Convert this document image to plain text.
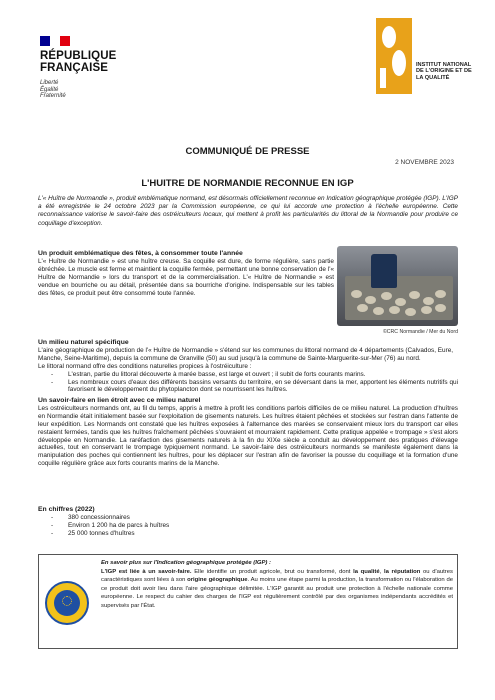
RÉPUBLIQUE
FRANÇAISE
Liberté
Égalité
Fraternité
INSTITUT NATIONAL
DE L'ORIGINE ET DE
LA QUALITÉ
COMMUNIQUÉ DE PRESSE
2 NOVEMBRE 2023
L'HUITRE DE NORMANDIE RECONNUE EN IGP
L'« Huître de Normandie », produit emblématique normand, est désormais officiellement reconnue en Indication géographique protégée (IGP). L'IGP a été enregistrée le 24 octobre 2023 par la Commission européenne, ce qui lui accorde une protection à l'échelle européenne. Cette reconnaissance valorise le savoir-faire des ostréiculteurs locaux, qui mettent à profit les particularités du littoral de la Normandie pour produire ce coquillage d'exception.
Un produit emblématique des fêtes, à consommer toute l'année
L'« Huître de Normandie » est une huître creuse. Sa coquille est dure, de forme régulière, sans partie ébréchée. Le muscle est ferme et maintient la coquille fermée, permettant une bonne conservation de l'« Huître de Normandie » lors du transport et de la commercialisation. L'« Huître de Normandie » est vendue en bourriche ou au détail, présentée dans sa bourriche d'origine. Indispensable sur les tables des fêtes, ce produit peut être consommé toute l'année.
©CRC Normandie / Mer du Nord
Un milieu naturel spécifique
L'aire géographique de production de l'« Huître de Normandie » s'étend sur les communes du littoral normand de 4 départements (Calvados, Eure, Manche, Seine-Maritime), depuis la commune de Granville (50) au sud jusqu'à la commune de Sainte-Marguerite-sur-Mer (76) au nord.
Le littoral normand offre des conditions naturelles propices à l'ostréiculture :
- L'estran, partie du littoral découverte à marée basse, est large et ouvert ; il subit de forts courants marins.
- Les nombreux cours d'eaux des différents bassins versants du territoire, en se déversant dans la mer, apportent les éléments nutritifs qui favorisent le développement du phytoplancton dont se nourrissent les huîtres.
Un savoir-faire en lien étroit avec ce milieu naturel
Les ostréiculteurs normands ont, au fil du temps, appris à mettre à profit les conditions parfois difficiles de ce milieu naturel. La production d'huîtres en Normandie était initialement basée sur l'exploitation de gisements naturels. Les huîtres étaient pêchées et stockées sur l'estran dans l'attente de leur expédition. Les Normands ont constaté que les huîtres exposées à l'alternance des marées se conservaient mieux lors du transport car elles restaient fermées, tandis que les huîtres fraîchement pêchées s'ouvraient et mourraient rapidement. Cette pratique appelée « trompage » s'est alors développée en Normandie. La raréfaction des gisements naturels à la fin du XIXe siècle a conduit au développement des pratiques d'élevage actuelles, tout en conservant le trompage typiquement normand. Le savoir-faire des ostréiculteurs normands se manifeste également dans la manipulation des poches qui contiennent les huîtres, pour les déplacer sur l'estran afin de favoriser la pousse du coquillage et la formation d'une coquille régulière grâce aux forts courants marins de la Manche.
En chiffres (2022)
- 380 concessionnaires
- Environ 1 200 ha de parcs à huîtres
- 25 000 tonnes d'huîtres
En savoir plus sur l'Indication géographique protégée (IGP) :
L'IGP est liée à un savoir-faire. Elle identifie un produit agricole, brut ou transformé, dont la qualité, la réputation ou d'autres caractéristiques sont liées à son origine géographique. Au moins une étape parmi la production, la transformation ou l'élaboration de ce produit doit avoir lieu dans l'aire géographique délimitée. L'IGP garantit au produit une protection à l'échelle nationale comme européenne. Le respect du cahier des charges de l'IGP est régulièrement contrôlé par des organismes indépendants accrédités et supervisés par l'État.
